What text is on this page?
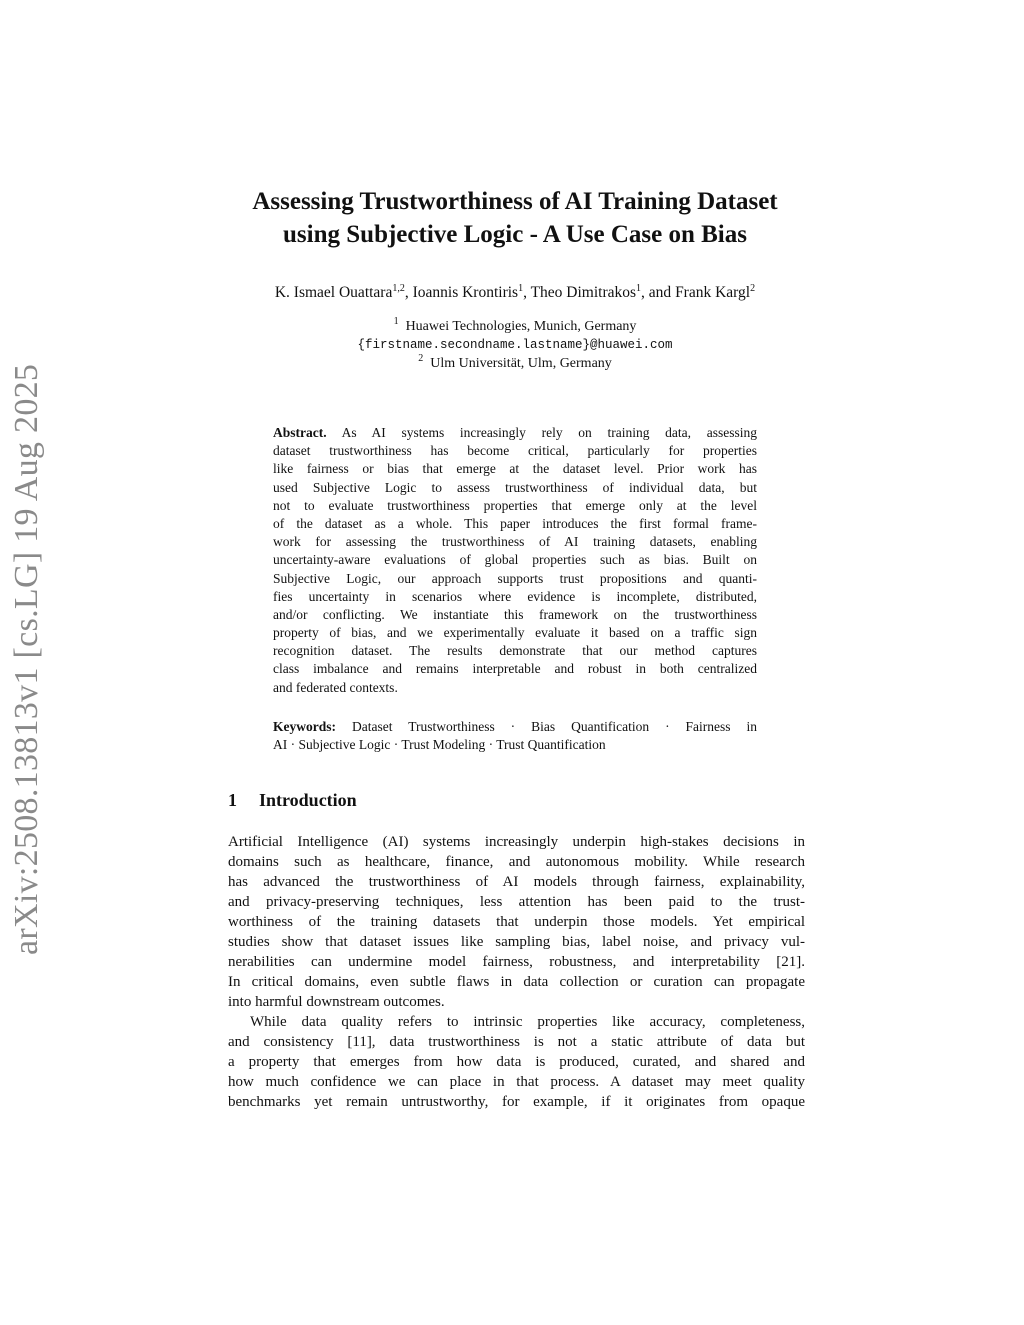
arXiv:2508.13813v1 [cs.LG] 19 Aug 2025
Assessing Trustworthiness of AI Training Dataset
using Subjective Logic - A Use Case on Bias
K. Ismael Ouattara$^{1,2}$, Ioannis Krontiris$^1$, Theo Dimitrakos$^1$, and Frank Kargl$^2$
$^1$ Huawei Technologies, Munich, Germany
{firstname.secondname.lastname}@huawei.com
$^2$ Ulm Universität, Ulm, Germany
Abstract. As AI systems increasingly rely on training data, assessing
dataset trustworthiness has become critical, particularly for properties
like fairness or bias that emerge at the dataset level. Prior work has
used Subjective Logic to assess trustworthiness of individual data, but
not to evaluate trustworthiness properties that emerge only at the level
of the dataset as a whole. This paper introduces the first formal frame-
work for assessing the trustworthiness of AI training datasets, enabling
uncertainty-aware evaluations of global properties such as bias. Built on
Subjective Logic, our approach supports trust propositions and quanti-
fies uncertainty in scenarios where evidence is incomplete, distributed,
and/or conflicting. We instantiate this framework on the trustworthiness
property of bias, and we experimentally evaluate it based on a traffic sign
recognition dataset. The results demonstrate that our method captures
class imbalance and remains interpretable and robust in both centralized
and federated contexts.
Keywords: Dataset Trustworthiness · Bias Quantification · Fairness in
AI · Subjective Logic · Trust Modeling · Trust Quantification
1 Introduction
Artificial Intelligence (AI) systems increasingly underpin high-stakes decisions in
domains such as healthcare, finance, and autonomous mobility. While research
has advanced the trustworthiness of AI models through fairness, explainability,
and privacy-preserving techniques, less attention has been paid to the trust-
worthiness of the training datasets that underpin those models. Yet empirical
studies show that dataset issues like sampling bias, label noise, and privacy vul-
nerabilities can undermine model fairness, robustness, and interpretability [21].
In critical domains, even subtle flaws in data collection or curation can propagate
into harmful downstream outcomes.
While data quality refers to intrinsic properties like accuracy, completeness,
and consistency [11], data trustworthiness is not a static attribute of data but
a property that emerges from how data is produced, curated, and shared and
how much confidence we can place in that process. A dataset may meet quality
benchmarks yet remain untrustworthy, for example, if it originates from opaque
